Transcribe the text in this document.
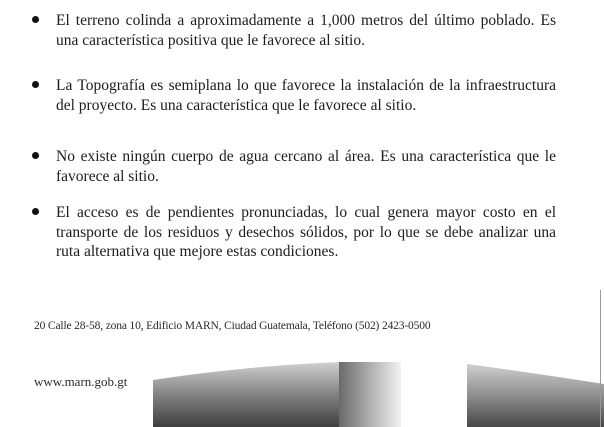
El terreno colinda a aproximadamente a 1,000 metros del último poblado. Es una característica positiva que le favorece al sitio.

La Topografía es semiplana lo que favorece la instalación de la infraestructura del proyecto. Es una característica que le favorece al sitio.

No existe ningún cuerpo de agua cercano al área. Es una característica que le favorece al sitio.

El acceso es de pendientes pronunciadas, lo cual genera mayor costo en el transporte de los residuos y desechos sólidos, por lo que se debe analizar una ruta alternativa que mejore estas condiciones.

20 Calle 28-58, zona 10, Edificio MARN, Ciudad Guatemala, Teléfono (502) 2423-0500

www.marn.gob.gt
